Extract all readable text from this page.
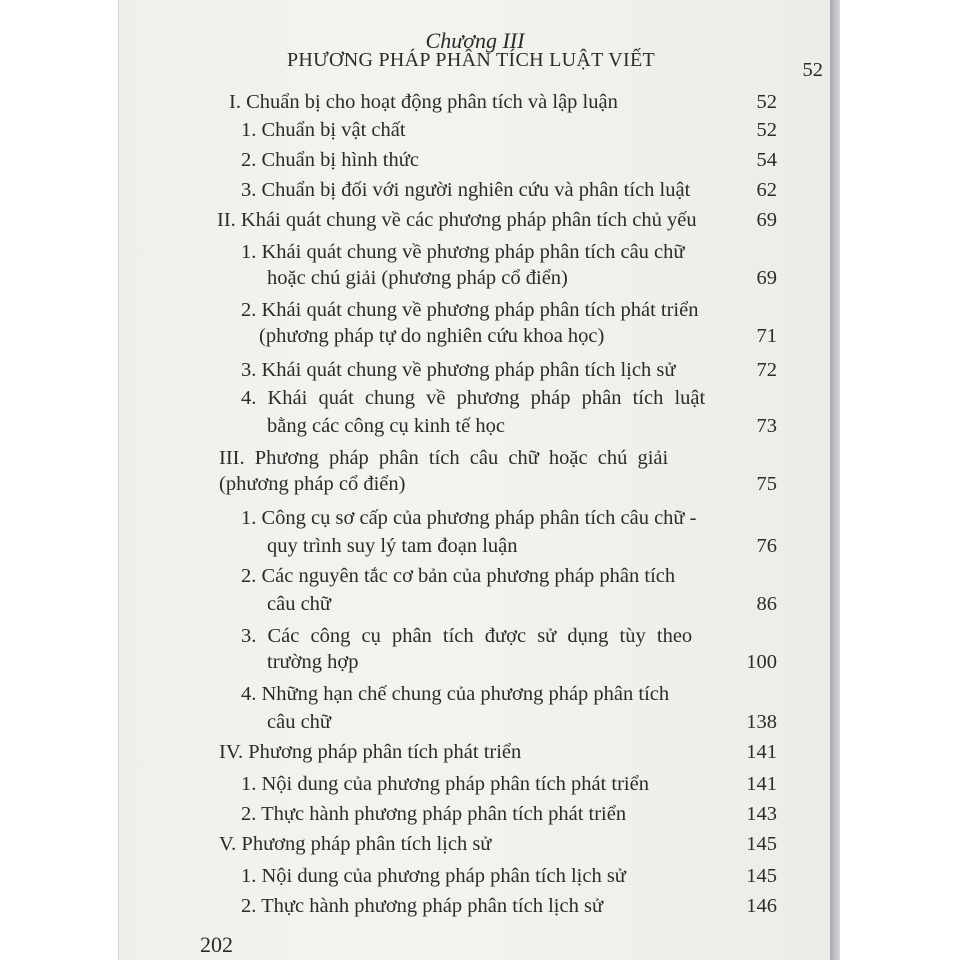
Chương III
PHƯƠNG PHÁP PHÂN TÍCH LUẬT VIẾT	52
I. Chuẩn bị cho hoạt động phân tích và lập luận	52
1. Chuẩn bị vật chất	52
2. Chuẩn bị hình thức	54
3. Chuẩn bị đối với người nghiên cứu và phân tích luật	62
II. Khái quát chung về các phương pháp phân tích chủ yếu	69
1. Khái quát chung về phương pháp phân tích câu chữ
hoặc chú giải (phương pháp cổ điển)	69
2. Khái quát chung về phương pháp phân tích phát triển
(phương pháp tự do nghiên cứu khoa học)	71
3. Khái quát chung về phương pháp phân tích lịch sử	72
4. Khái quát chung về phương pháp phân tích luật
bằng các công cụ kinh tế học	73
III. Phương pháp phân tích câu chữ hoặc chú giải
(phương pháp cổ điển)	75
1. Công cụ sơ cấp của phương pháp phân tích câu chữ -
quy trình suy lý tam đoạn luận	76
2. Các nguyên tắc cơ bản của phương pháp phân tích
câu chữ	86
3. Các công cụ phân tích được sử dụng tùy theo
trường hợp	100
4. Những hạn chế chung của phương pháp phân tích
câu chữ	138
IV. Phương pháp phân tích phát triển	141
1. Nội dung của phương pháp phân tích phát triển	141
2. Thực hành phương pháp phân tích phát triển	143
V. Phương pháp phân tích lịch sử	145
1. Nội dung của phương pháp phân tích lịch sử	145
2. Thực hành phương pháp phân tích lịch sử	146
202
